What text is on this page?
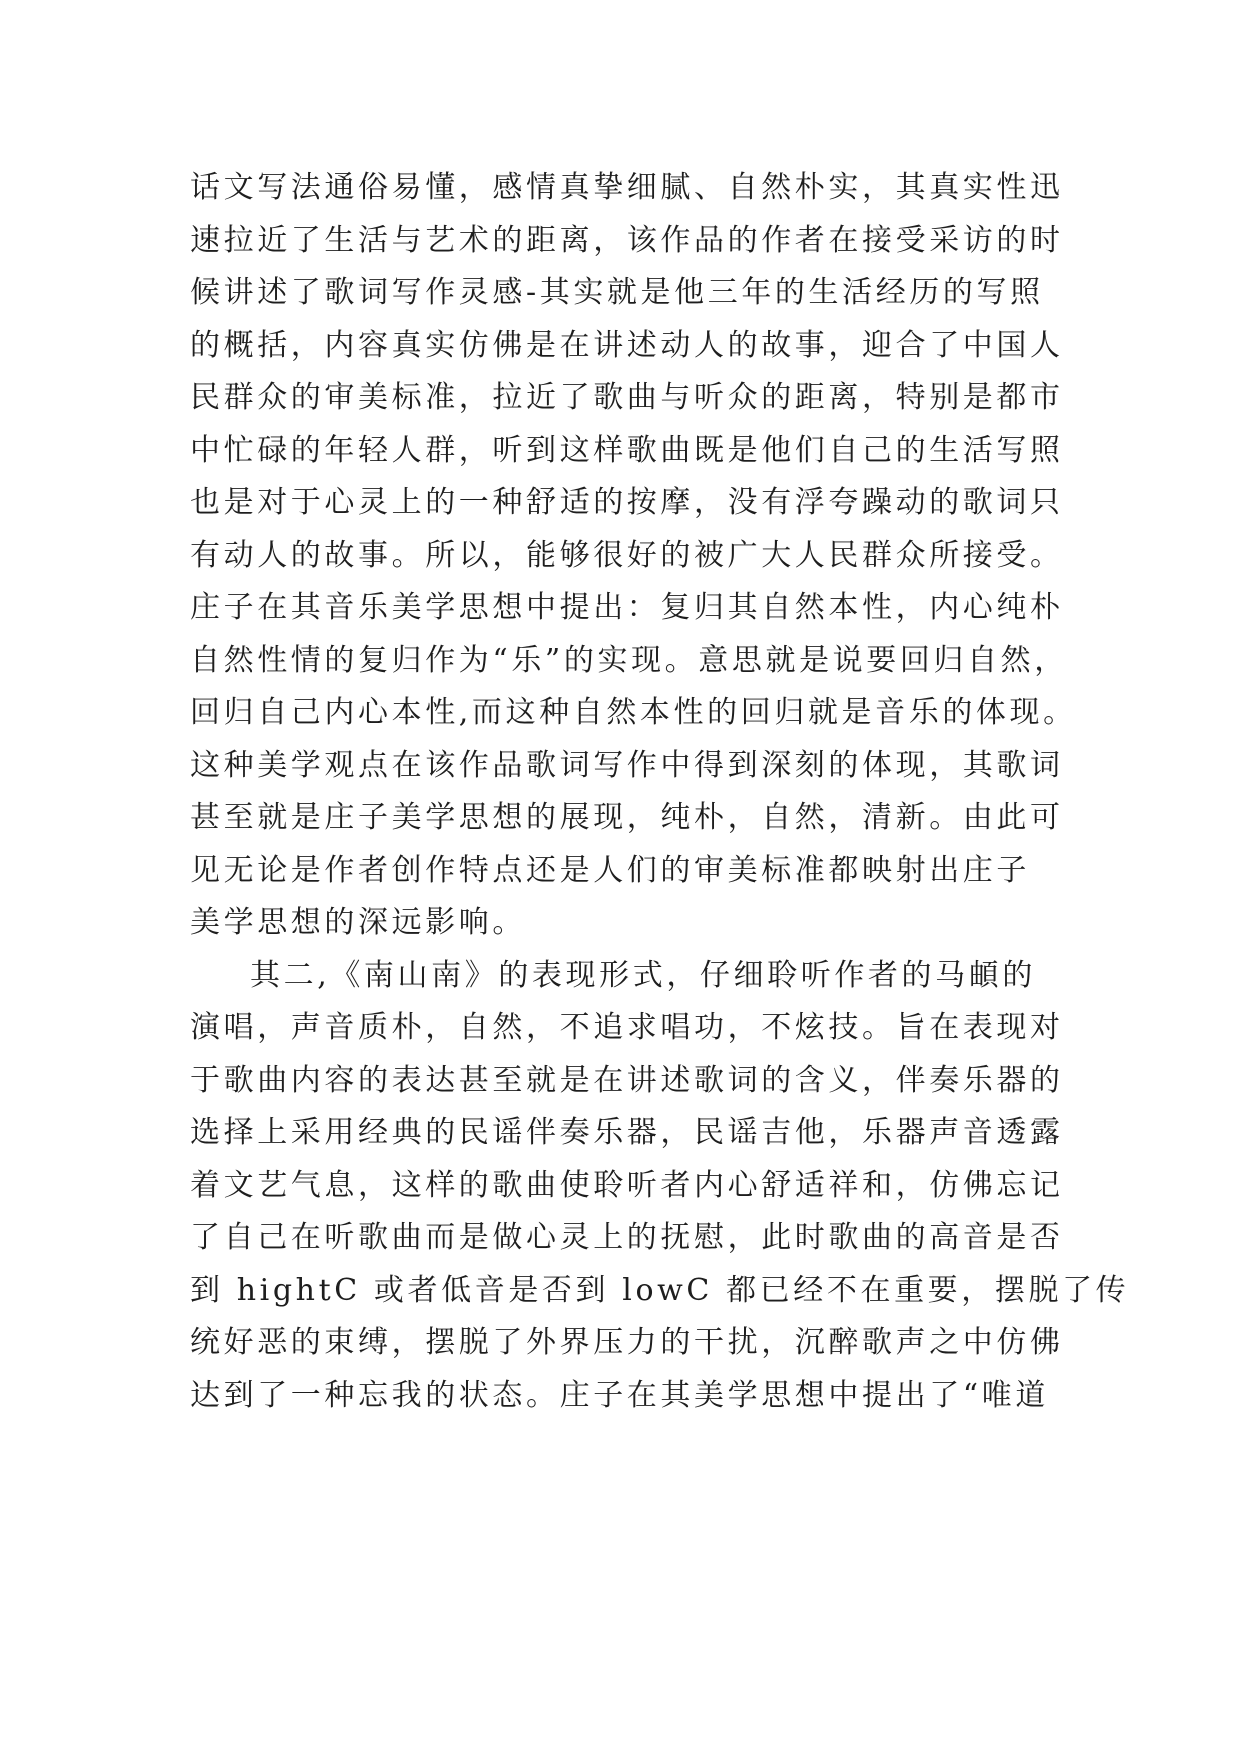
话文写法通俗易懂，感情真挚细腻、自然朴实，其真实性迅
速拉近了生活与艺术的距离，该作品的作者在接受采访的时
候讲述了歌词写作灵感-其实就是他三年的生活经历的写照
的概括，内容真实仿佛是在讲述动人的故事，迎合了中国人
民群众的审美标准，拉近了歌曲与听众的距离，特别是都市
中忙碌的年轻人群，听到这样歌曲既是他们自己的生活写照
也是对于心灵上的一种舒适的按摩，没有浮夸躁动的歌词只
有动人的故事。所以，能够很好的被广大人民群众所接受。
庄子在其音乐美学思想中提出：复归其自然本性，内心纯朴
自然性情的复归作为“乐”的实现。意思就是说要回归自然，
回归自己内心本性,而这种自然本性的回归就是音乐的体现。
这种美学观点在该作品歌词写作中得到深刻的体现，其歌词
甚至就是庄子美学思想的展现，纯朴，自然，清新。由此可
见无论是作者创作特点还是人们的审美标准都映射出庄子
美学思想的深远影响。
其二,《南山南》的表现形式，仔细聆听作者的马頔的
演唱，声音质朴，自然，不追求唱功，不炫技。旨在表现对
于歌曲内容的表达甚至就是在讲述歌词的含义，伴奏乐器的
选择上采用经典的民谣伴奏乐器，民谣吉他，乐器声音透露
着文艺气息，这样的歌曲使聆听者内心舒适祥和，仿佛忘记
了自己在听歌曲而是做心灵上的抚慰，此时歌曲的高音是否
到 hightC 或者低音是否到 lowC 都已经不在重要，摆脱了传
统好恶的束缚，摆脱了外界压力的干扰，沉醉歌声之中仿佛
达到了一种忘我的状态。庄子在其美学思想中提出了“唯道
